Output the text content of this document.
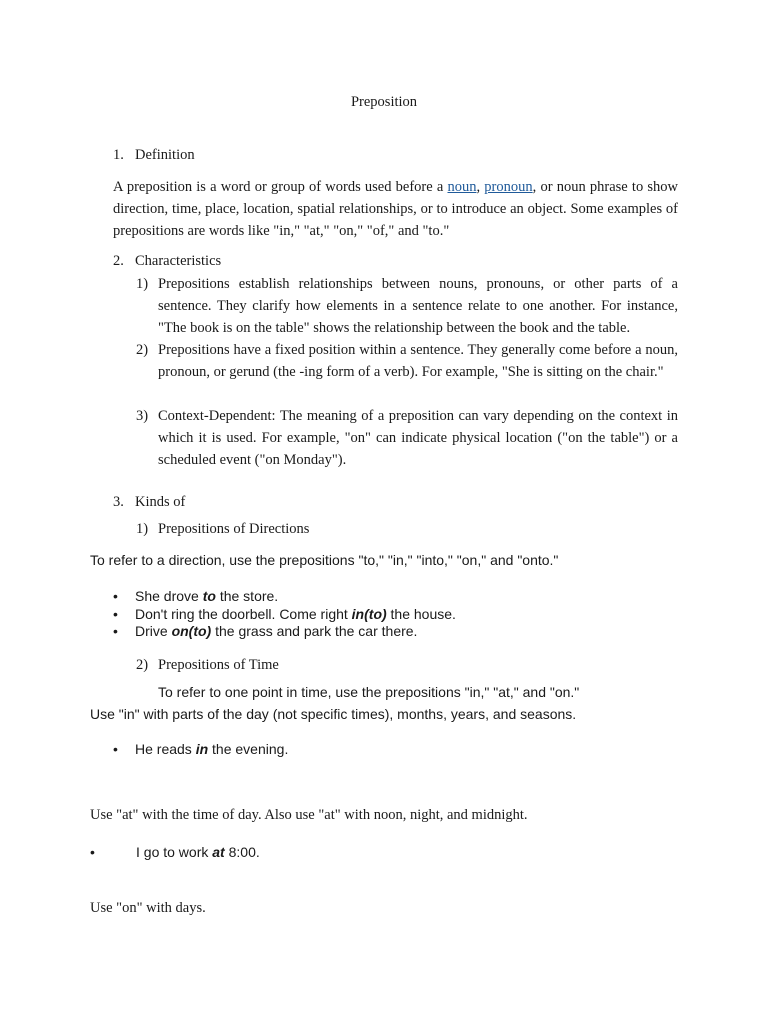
Preposition
1. Definition
A preposition is a word or group of words used before a noun, pronoun, or noun phrase to show direction, time, place, location, spatial relationships, or to introduce an object. Some examples of prepositions are words like "in," "at," "on," "of," and "to."
2. Characteristics
1) Prepositions establish relationships between nouns, pronouns, or other parts of a sentence. They clarify how elements in a sentence relate to one another. For instance, "The book is on the table" shows the relationship between the book and the table.
2) Prepositions have a fixed position within a sentence. They generally come before a noun, pronoun, or gerund (the -ing form of a verb). For example, "She is sitting on the chair."
3) Context-Dependent: The meaning of a preposition can vary depending on the context in which it is used. For example, "on" can indicate physical location ("on the table") or a scheduled event ("on Monday").
3. Kinds of
1) Prepositions of Directions
To refer to a direction, use the prepositions "to," "in," "into," "on," and "onto."
• She drove to the store.
• Don't ring the doorbell. Come right in(to) the house.
• Drive on(to) the grass and park the car there.
2) Prepositions of Time
To refer to one point in time, use the prepositions "in," "at," and "on."
Use "in" with parts of the day (not specific times), months, years, and seasons.
• He reads in the evening.
Use "at" with the time of day. Also use "at" with noon, night, and midnight.
•	I go to work at 8:00.
Use "on" with days.
